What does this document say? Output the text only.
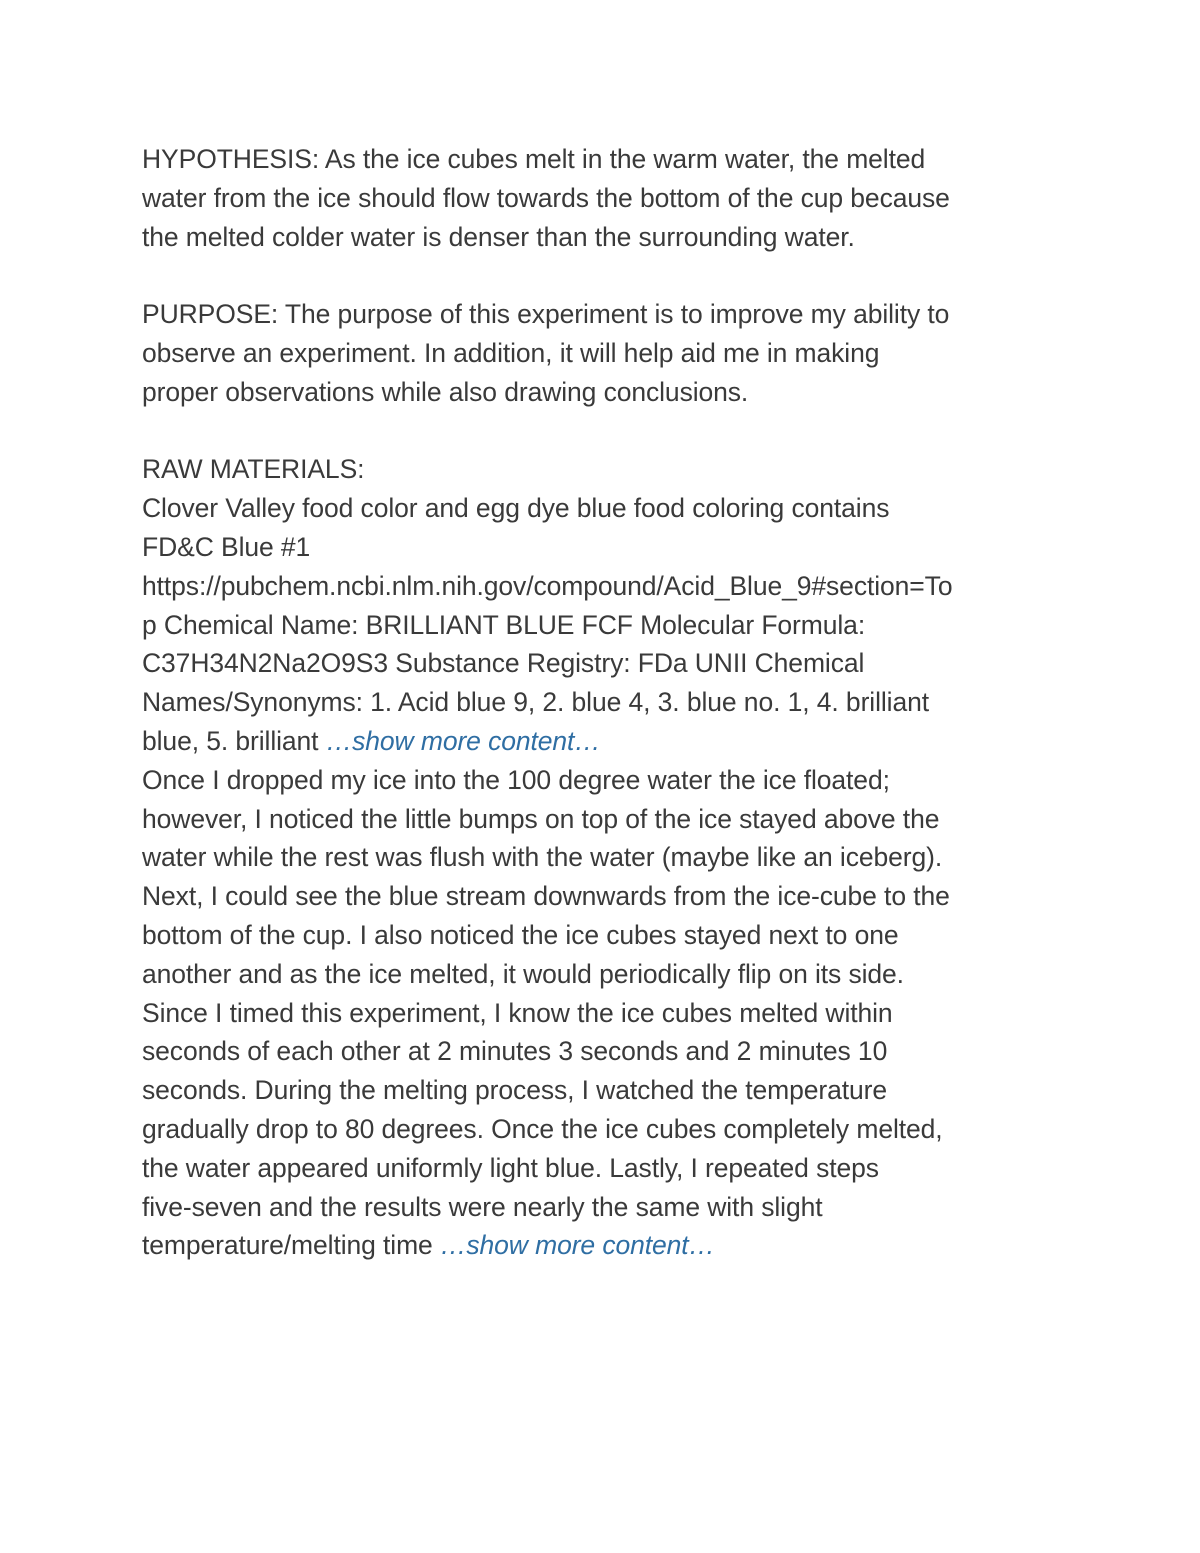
HYPOTHESIS: As the ice cubes melt in the warm water, the melted
water from the ice should flow towards the bottom of the cup because
the melted colder water is denser than the surrounding water.
PURPOSE: The purpose of this experiment is to improve my ability to
observe an experiment. In addition, it will help aid me in making
proper observations while also drawing conclusions.
RAW MATERIALS:
Clover Valley food color and egg dye blue food coloring contains
FD&C Blue #1
https://pubchem.ncbi.nlm.nih.gov/compound/Acid_Blue_9#section=To
p Chemical Name: BRILLIANT BLUE FCF Molecular Formula:
C37H34N2Na2O9S3 Substance Registry: FDa UNII Chemical
Names/Synonyms: 1. Acid blue 9, 2. blue 4, 3. blue no. 1, 4. brilliant
blue, 5. brilliant …show more content…
Once I dropped my ice into the 100 degree water the ice floated;
however, I noticed the little bumps on top of the ice stayed above the
water while the rest was flush with the water (maybe like an iceberg).
Next, I could see the blue stream downwards from the ice-cube to the
bottom of the cup. I also noticed the ice cubes stayed next to one
another and as the ice melted, it would periodically flip on its side.
Since I timed this experiment, I know the ice cubes melted within
seconds of each other at 2 minutes 3 seconds and 2 minutes 10
seconds. During the melting process, I watched the temperature
gradually drop to 80 degrees. Once the ice cubes completely melted,
the water appeared uniformly light blue. Lastly, I repeated steps
five-seven and the results were nearly the same with slight
temperature/melting time …show more content…
